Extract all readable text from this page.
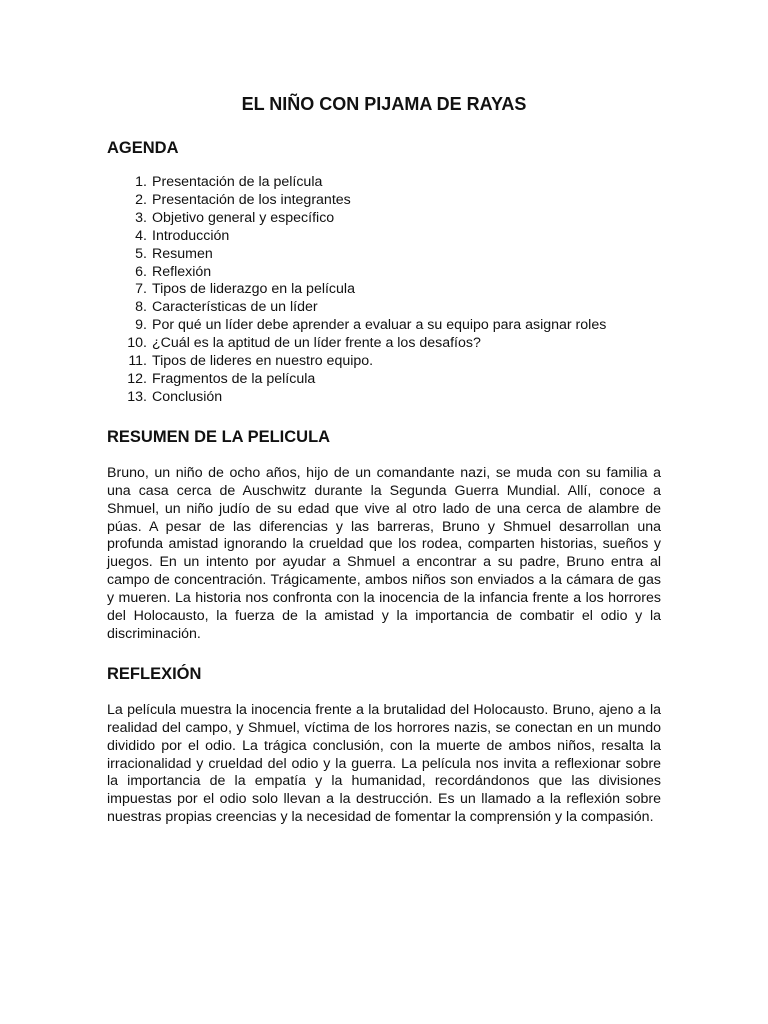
EL NIÑO CON PIJAMA DE RAYAS
AGENDA
1. Presentación de la película
2. Presentación de los integrantes
3. Objetivo general y específico
4. Introducción
5. Resumen
6. Reflexión
7. Tipos de liderazgo en la película
8. Características de un líder
9. Por qué un líder debe aprender a evaluar a su equipo para asignar roles
10. ¿Cuál es la aptitud de un líder frente a los desafíos?
11. Tipos de lideres en nuestro equipo.
12. Fragmentos de la película
13. Conclusión
RESUMEN DE LA PELICULA

Bruno, un niño de ocho años, hijo de un comandante nazi, se muda con su familia a una casa cerca de Auschwitz durante la Segunda Guerra Mundial. Allí, conoce a Shmuel, un niño judío de su edad que vive al otro lado de una cerca de alambre de púas. A pesar de las diferencias y las barreras, Bruno y Shmuel desarrollan una profunda amistad ignorando la crueldad que los rodea, comparten historias, sueños y juegos. En un intento por ayudar a Shmuel a encontrar a su padre, Bruno entra al campo de concentración. Trágicamente, ambos niños son enviados a la cámara de gas y mueren. La historia nos confronta con la inocencia de la infancia frente a los horrores del Holocausto, la fuerza de la amistad y la importancia de combatir el odio y la discriminación.

REFLEXIÓN

La película muestra la inocencia frente a la brutalidad del Holocausto. Bruno, ajeno a la realidad del campo, y Shmuel, víctima de los horrores nazis, se conectan en un mundo dividido por el odio. La trágica conclusión, con la muerte de ambos niños, resalta la irracionalidad y crueldad del odio y la guerra. La película nos invita a reflexionar sobre la importancia de la empatía y la humanidad, recordándonos que las divisiones impuestas por el odio solo llevan a la destrucción. Es un llamado a la reflexión sobre nuestras propias creencias y la necesidad de fomentar la comprensión y la compasión.
